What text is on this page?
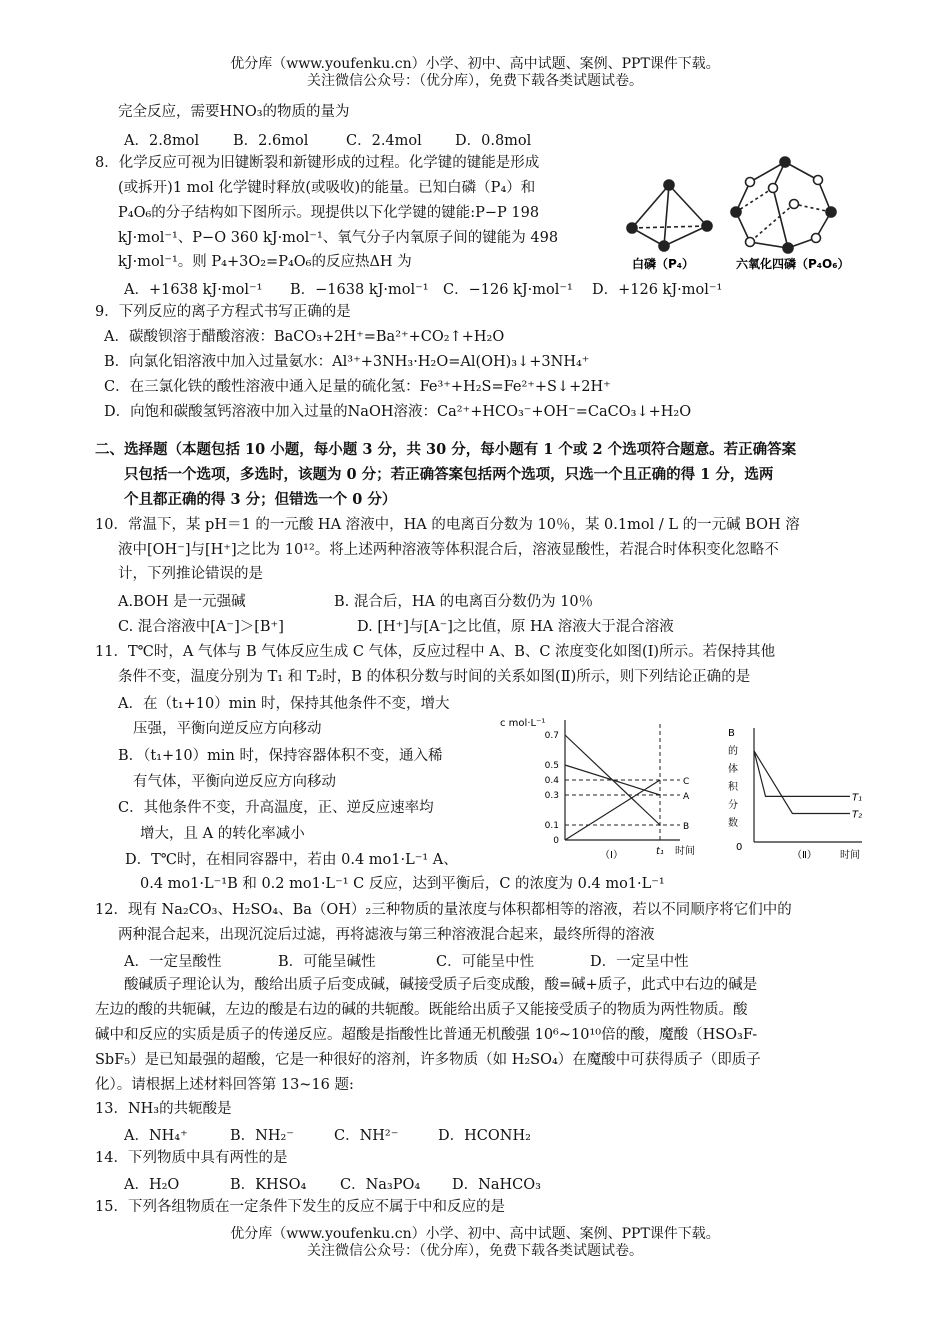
优分库（www.youfenku.cn）小学、初中、高中试题、案例、PPT课件下载。
关注微信公众号：（优分库），免费下载各类试题试卷。
完全反应，需要HNO₃的物质的量为
A．2.8mol B．2.6mol	C．2.4mol D．0.8mol
8．化学反应可视为旧键断裂和新键形成的过程。化学键的键能是形成
(或拆开)1 mol 化学键时释放(或吸收)的能量。已知白磷（P₄）和
P₄O₆的分子结构如下图所示。现提供以下化学键的键能:P−P 198
kJ·mol⁻¹、P−O 360 kJ·mol⁻¹、氧气分子内氧原子间的键能为 498
kJ·mol⁻¹。则 P₄+3O₂=P₄O₆的反应热ΔH 为
A．+1638 kJ·mol⁻¹ B．−1638 kJ·mol⁻¹ C．−126 kJ·mol⁻¹ D．+126 kJ·mol⁻¹
白磷（P₄）	六氧化四磷（P₄O₆）
9．下列反应的离子方程式书写正确的是
A．碳酸钡溶于醋酸溶液：BaCO₃+2H⁺=Ba²⁺+CO₂↑+H₂O
B．向氯化铝溶液中加入过量氨水：Al³⁺+3NH₃·H₂O=Al(OH)₃↓+3NH₄⁺
C．在三氯化铁的酸性溶液中通入足量的硫化氢：Fe³⁺+H₂S=Fe²⁺+S↓+2H⁺
D．向饱和碳酸氢钙溶液中加入过量的NaOH溶液：Ca²⁺+HCO₃⁻+OH⁻=CaCO₃↓+H₂O
二、选择题（本题包括 10 小题，每小题 3 分，共 30 分，每小题有 1 个或 2 个选项符合题意。若正确答案
只包括一个选项，多选时，该题为 0 分；若正确答案包括两个选项，只选一个且正确的得 1 分，选两
个且都正确的得 3 分；但错选一个 0 分）
10．常温下，某 pH＝1 的一元酸 HA 溶液中，HA 的电离百分数为 10％，某 0.1mol / L 的一元碱 BOH 溶
液中[OH⁻]与[H⁺]之比为 10¹²。将上述两种溶液等体积混合后，溶液显酸性，若混合时体积变化忽略不
计，下列推论错误的是
A.BOH 是一元强碱	B. 混合后，HA 的电离百分数仍为 10％
C. 混合溶液中[A⁻]＞[B⁺]	D. [H⁺]与[A⁻]之比值，原 HA 溶液大于混合溶液
11．T℃时，A 气体与 B 气体反应生成 C 气体，反应过程中 A、B、C 浓度变化如图(Ⅰ)所示。若保持其他
条件不变，温度分别为 T₁ 和 T₂时，B 的体积分数与时间的关系如图(Ⅱ)所示，则下列结论正确的是
A．在（t₁+10）min 时，保持其他条件不变，增大
压强，平衡向逆反应方向移动
B．（t₁+10）min 时，保持容器体积不变，通入稀
有气体，平衡向逆反应方向移动
C．其他条件不变，升高温度，正、逆反应速率均
增大，且 A 的转化率减小
D．T℃时，在相同容器中，若由 0.4 mo1·L⁻¹ A、
0.4 mo1·L⁻¹B 和 0.2 mo1·L⁻¹ C 反应，达到平衡后，C 的浓度为 0.4 mo1·L⁻¹
c mol·L⁻¹
0.7
0.5
0.4
0.3
0.1
0
A
B
C
t₁ 时间
（Ⅰ）
B
的
体
积
分
数
T₁
T₂
0
时间
（Ⅱ）
12．现有 Na₂CO₃、H₂SO₄、Ba（OH）₂三种物质的量浓度与体积都相等的溶液，若以不同顺序将它们中的
两种混合起来，出现沉淀后过滤，再将滤液与第三种溶液混合起来，最终所得的溶液
A．一定呈酸性	B．可能呈碱性	C．可能呈中性	D．一定呈中性
酸碱质子理论认为，酸给出质子后变成碱，碱接受质子后变成酸，酸=碱+质子，此式中右边的碱是
左边的酸的共轭碱，左边的酸是右边的碱的共轭酸。既能给出质子又能接受质子的物质为两性物质。酸
碱中和反应的实质是质子的传递反应。超酸是指酸性比普通无机酸强 10⁶~10¹⁰倍的酸，魔酸（HSO₃F-
SbF₅）是已知最强的超酸，它是一种很好的溶剂，许多物质（如 H₂SO₄）在魔酸中可获得质子（即质子
化）。请根据上述材料回答第 13~16 题:
13．NH₃的共轭酸是
A．NH₄⁺	B．NH₂⁻	C．NH²⁻	D．HCONH₂
14．下列物质中具有两性的是
A．H₂O	B．KHSO₄ C．Na₃PO₄ D．NaHCO₃
15．下列各组物质在一定条件下发生的反应不属于中和反应的是
优分库（www.youfenku.cn）小学、初中、高中试题、案例、PPT课件下载。
关注微信公众号：（优分库），免费下载各类试题试卷。
